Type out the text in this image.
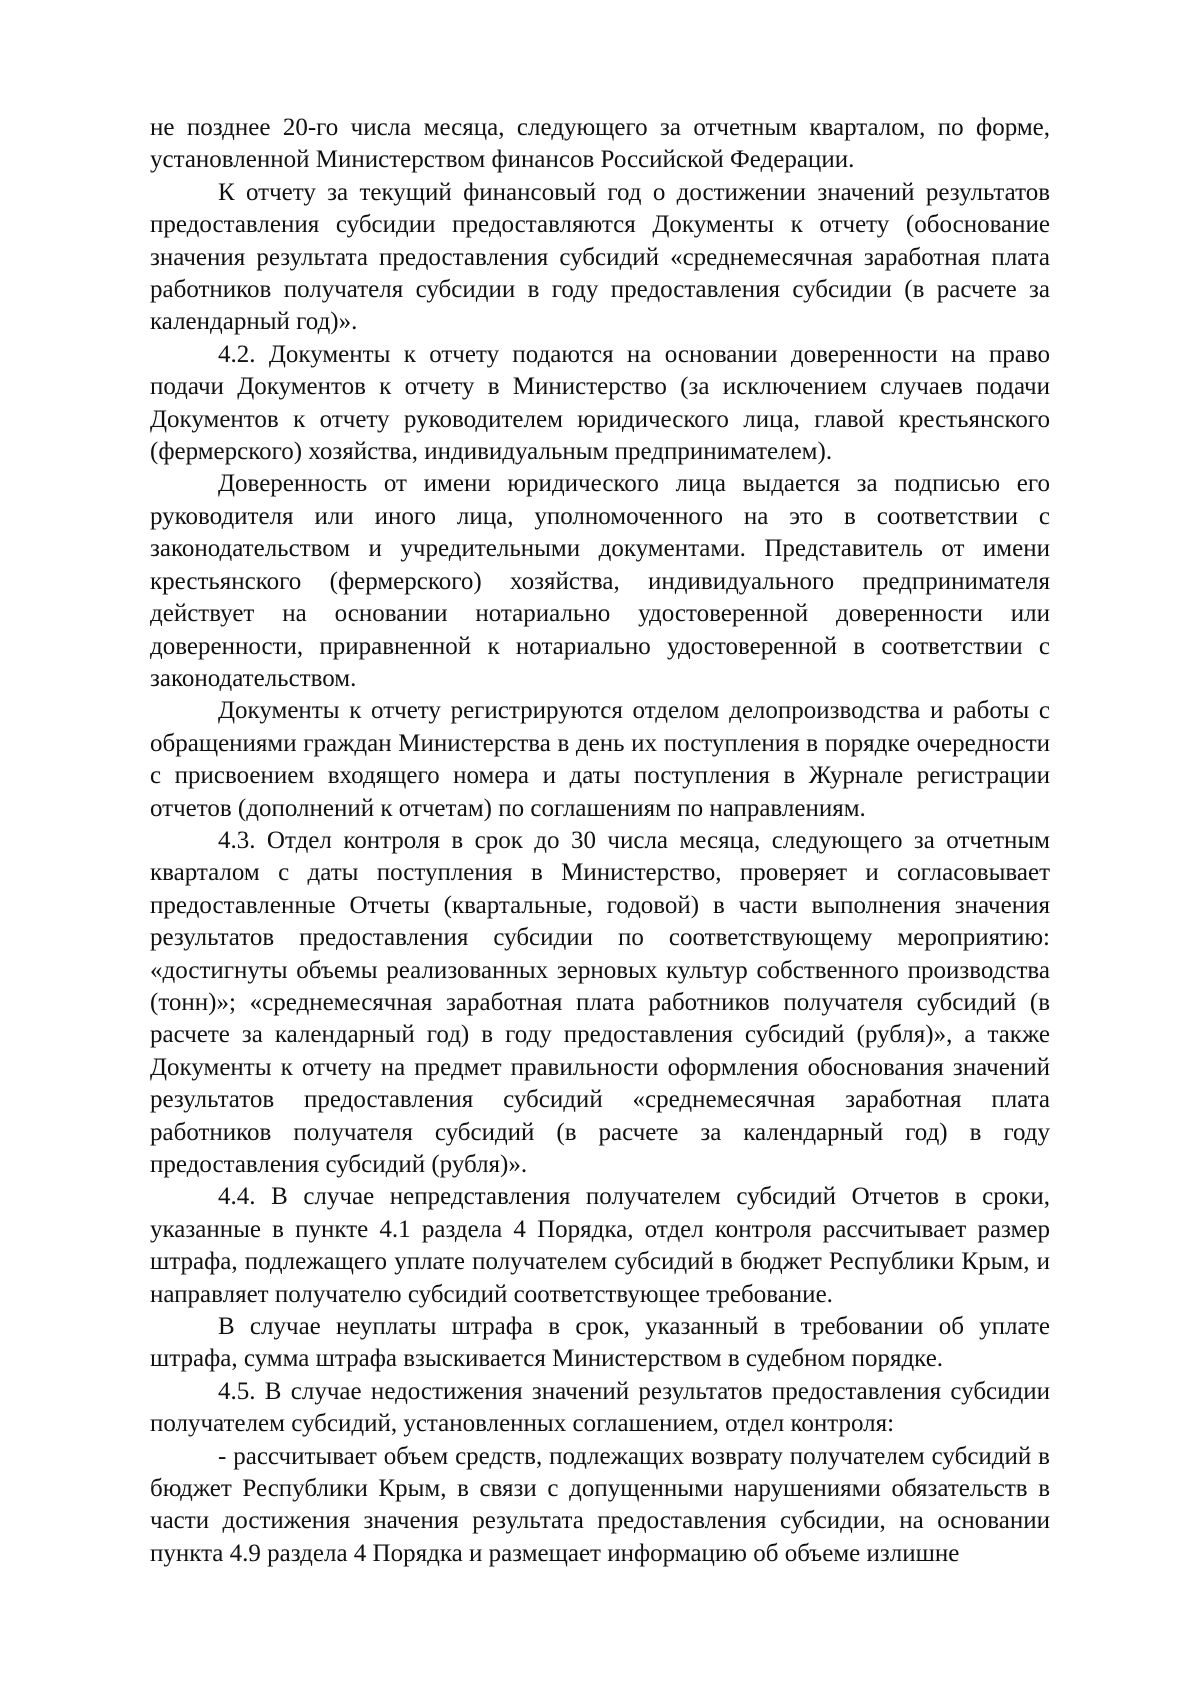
не позднее 20-го числа месяца, следующего за отчетным кварталом, по форме, установленной Министерством финансов Российской Федерации.

К отчету за текущий финансовый год о достижении значений результатов предоставления субсидии предоставляются Документы к отчету (обоснование значения результата предоставления субсидий «среднемесячная заработная плата работников получателя субсидии в году предоставления субсидии (в расчете за календарный год)».

4.2. Документы к отчету подаются на основании доверенности на право подачи Документов к отчету в Министерство (за исключением случаев подачи Документов к отчету руководителем юридического лица, главой крестьянского (фермерского) хозяйства, индивидуальным предпринимателем).

Доверенность от имени юридического лица выдается за подписью его руководителя или иного лица, уполномоченного на это в соответствии с законодательством и учредительными документами. Представитель от имени крестьянского (фермерского) хозяйства, индивидуального предпринимателя действует на основании нотариально удостоверенной доверенности или доверенности, приравненной к нотариально удостоверенной в соответствии с законодательством.

Документы к отчету регистрируются отделом делопроизводства и работы с обращениями граждан Министерства в день их поступления в порядке очередности с присвоением входящего номера и даты поступления в Журнале регистрации отчетов (дополнений к отчетам) по соглашениям по направлениям.

4.3. Отдел контроля в срок до 30 числа месяца, следующего за отчетным кварталом с даты поступления в Министерство, проверяет и согласовывает предоставленные Отчеты (квартальные, годовой) в части выполнения значения результатов предоставления субсидии по соответствующему мероприятию: «достигнуты объемы реализованных зерновых культур собственного производства (тонн)»; «среднемесячная заработная плата работников получателя субсидий (в расчете за календарный год) в году предоставления субсидий (рубля)», а также Документы к отчету на предмет правильности оформления обоснования значений результатов предоставления субсидий «среднемесячная заработная плата работников получателя субсидий (в расчете за календарный год) в году предоставления субсидий (рубля)».

4.4. В случае непредставления получателем субсидий Отчетов в сроки, указанные в пункте 4.1 раздела 4 Порядка, отдел контроля рассчитывает размер штрафа, подлежащего уплате получателем субсидий в бюджет Республики Крым, и направляет получателю субсидий соответствующее требование.

В случае неуплаты штрафа в срок, указанный в требовании об уплате штрафа, сумма штрафа взыскивается Министерством в судебном порядке.

4.5. В случае недостижения значений результатов предоставления субсидии получателем субсидий, установленных соглашением, отдел контроля:

- рассчитывает объем средств, подлежащих возврату получателем субсидий в бюджет Республики Крым, в связи с допущенными нарушениями обязательств в части достижения значения результата предоставления субсидии, на основании пункта 4.9 раздела 4 Порядка и размещает информацию об объеме излишне
